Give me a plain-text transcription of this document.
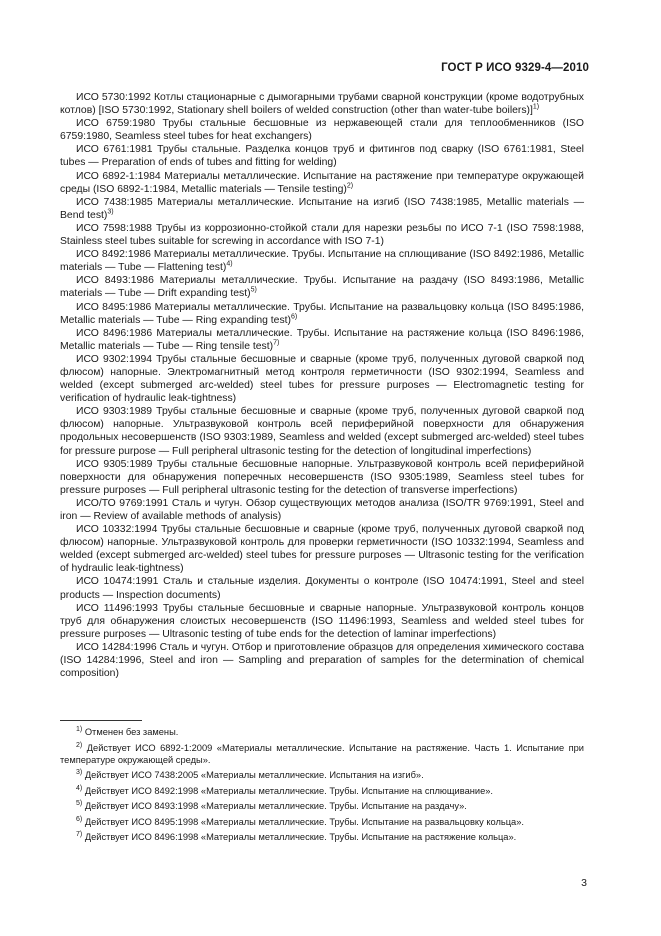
ГОСТ Р ИСО 9329-4—2010

ИСО 5730:1992 Котлы стационарные с дымогарными трубами сварной конструкции (кроме водотрубных котлов) [ISO 5730:1992, Stationary shell boilers of welded construction (other than water-tube boilers)]$^{1)}$

ИСО 6759:1980 Трубы стальные бесшовные из нержавеющей стали для теплообменников (ISO 6759:1980, Seamless steel tubes for heat exchangers)

ИСО 6761:1981 Трубы стальные. Разделка концов труб и фитингов под сварку (ISO 6761:1981, Steel tubes — Preparation of ends of tubes and fitting for welding)

ИСО 6892-1:1984 Материалы металлические. Испытание на растяжение при температуре окружающей среды (ISO 6892-1:1984, Metallic materials — Tensile testing)$^{2)}$

ИСО 7438:1985 Материалы металлические. Испытание на изгиб (ISO 7438:1985, Metallic materials — Bend test)$^{3)}$

ИСО 7598:1988 Трубы из коррозионно-стойкой стали для нарезки резьбы по ИСО 7-1 (ISO 7598:1988, Stainless steel tubes suitable for screwing in accordance with ISO 7-1)

ИСО 8492:1986 Материалы металлические. Трубы. Испытание на сплющивание (ISO 8492:1986, Metallic materials — Tube — Flattening test)$^{4)}$

ИСО 8493:1986 Материалы металлические. Трубы. Испытание на раздачу (ISO 8493:1986, Metallic materials — Tube — Drift expanding test)$^{5)}$

ИСО 8495:1986 Материалы металлические. Трубы. Испытание на развальцовку кольца (ISO 8495:1986, Metallic materials — Tube — Ring expanding test)$^{6)}$

ИСО 8496:1986 Материалы металлические. Трубы. Испытание на растяжение кольца (ISO 8496:1986, Metallic materials — Tube — Ring tensile test)$^{7)}$

ИСО 9302:1994 Трубы стальные бесшовные и сварные (кроме труб, полученных дуговой сваркой под флюсом) напорные. Электромагнитный метод контроля герметичности (ISO 9302:1994, Seamless and welded (except submerged arc-welded) steel tubes for pressure purposes — Electromagnetic testing for verification of hydraulic leak-tightness)

ИСО 9303:1989 Трубы стальные бесшовные и сварные (кроме труб, полученных дуговой сваркой под флюсом) напорные. Ультразвуковой контроль всей периферийной поверхности для обнаружения продольных несовершенств (ISO 9303:1989, Seamless and welded (except submerged arc-welded) steel tubes for pressure purpose — Full peripheral ultrasonic testing for the detection of longitudinal imperfections)

ИСО 9305:1989 Трубы стальные бесшовные напорные. Ультразвуковой контроль всей периферийной поверхности для обнаружения поперечных несовершенств (ISO 9305:1989, Seamless steel tubes for pressure purposes — Full peripheral ultrasonic testing for the detection of transverse imperfections)

ИСО/ТО 9769:1991 Сталь и чугун. Обзор существующих методов анализа (ISO/TR 9769:1991, Steel and iron — Review of available methods of analysis)

ИСО 10332:1994 Трубы стальные бесшовные и сварные (кроме труб, полученных дуговой сваркой под флюсом) напорные. Ультразвуковой контроль для проверки герметичности (ISO 10332:1994, Seamless and welded (except submerged arc-welded) steel tubes for pressure purposes — Ultrasonic testing for the verification of hydraulic leak-tightness)

ИСО 10474:1991 Сталь и стальные изделия. Документы о контроле (ISO 10474:1991, Steel and steel products — Inspection documents)

ИСО 11496:1993 Трубы стальные бесшовные и сварные напорные. Ультразвуковой контроль концов труб для обнаружения слоистых несовершенств (ISO 11496:1993, Seamless and welded steel tubes for pressure purposes — Ultrasonic testing of tube ends for the detection of laminar imperfections)

ИСО 14284:1996 Сталь и чугун. Отбор и приготовление образцов для определения химического состава (ISO 14284:1996, Steel and iron — Sampling and preparation of samples for the determination of chemical composition)

$^{1)}$ Отменен без замены.

$^{2)}$ Действует ИСО 6892-1:2009 «Материалы металлические. Испытание на растяжение. Часть 1. Испытание при температуре окружающей среды».

$^{3)}$ Действует ИСО 7438:2005 «Материалы металлические. Испытания на изгиб».

$^{4)}$ Действует ИСО 8492:1998 «Материалы металлические. Трубы. Испытание на сплющивание».

$^{5)}$ Действует ИСО 8493:1998 «Материалы металлические. Трубы. Испытание на раздачу».

$^{6)}$ Действует ИСО 8495:1998 «Материалы металлические. Трубы. Испытание на развальцовку кольца».

$^{7)}$ Действует ИСО 8496:1998 «Материалы металлические. Трубы. Испытание на растяжение кольца».

3
